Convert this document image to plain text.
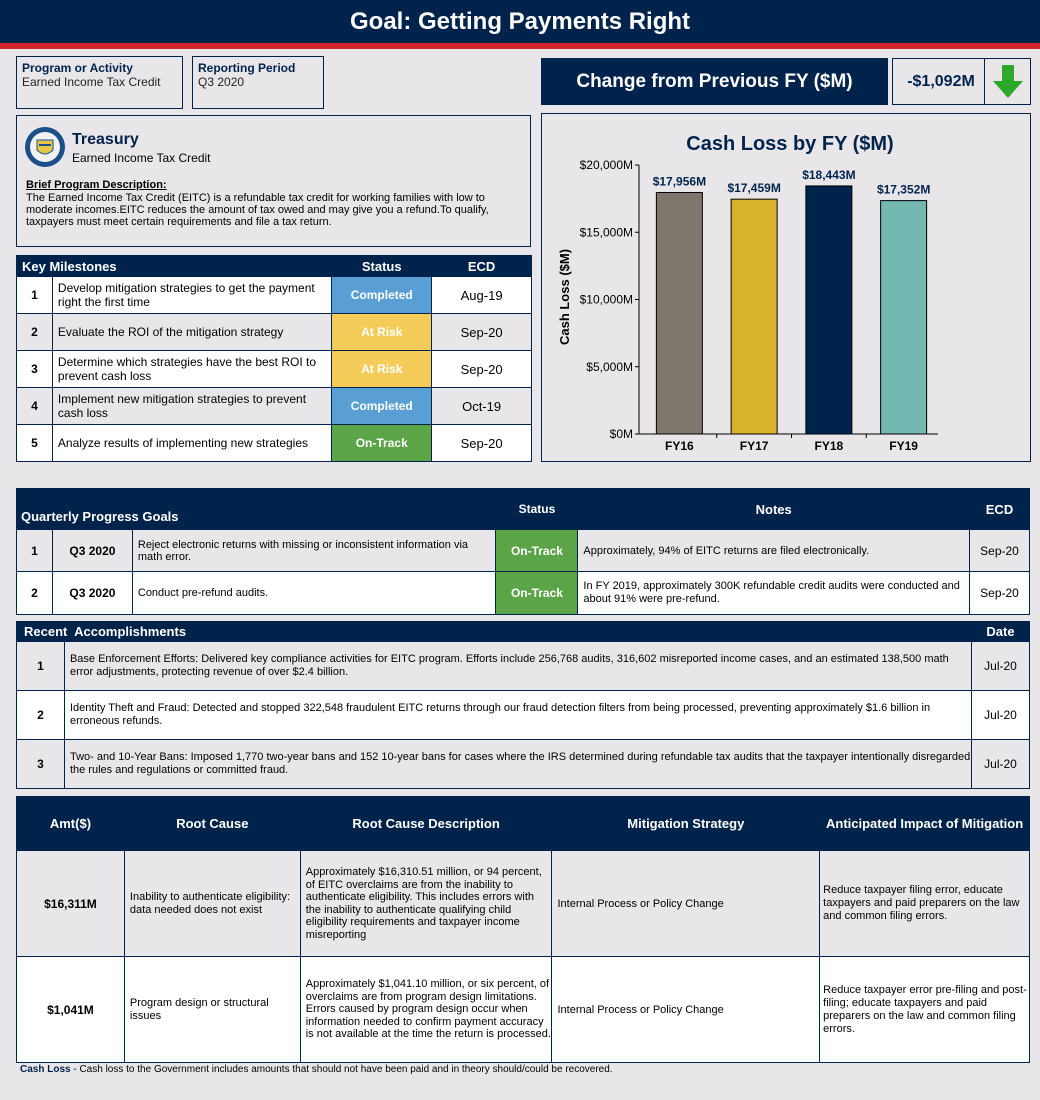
Goal: Getting Payments Right
Program or Activity
Earned Income Tax Credit
Reporting Period
Q3 2020	Change from Previous FY ($M)	-$1,092M
Treasury
Earned Income Tax Credit
Brief Program Description:
The Earned Income Tax Credit (EITC) is a refundable tax credit for working families with low to moderate incomes.EITC reduces the amount of tax owed and may give you a refund.To qualify, taxpayers must meet certain requirements and file a tax return.
Key Milestones		Status	ECD
1	Develop mitigation strategies to get the payment right the first time	Completed	Aug-19
2	Evaluate the ROI of the mitigation strategy	At Risk	Sep-20
3	Determine which strategies have the best ROI to prevent cash loss	At Risk	Sep-20
4	Implement new mitigation strategies to prevent cash loss	Completed	Oct-19
5	Analyze results of implementing new strategies	On-Track	Sep-20
Cash Loss by FY ($M)
Cash Loss ($M)
$0M
$5,000M
$10,000M
$15,000M
$20,000M
$17,956M
FY16
$17,459M
FY17
$18,443M
FY18
$17,352M
FY19
Quarterly Progress Goals			Status	Notes	ECD
1	Q3 2020	Reject electronic returns with missing or inconsistent information via math error.	On-Track	Approximately, 94% of EITC returns are filed electronically.	Sep-20
2	Q3 2020	Conduct pre-refund audits.	On-Track	In FY 2019, approximately 300K refundable credit audits were conducted and about 91% were pre-refund.	Sep-20
Recent  Accomplishments		Date
1	Base Enforcement Efforts: Delivered key compliance activities for EITC program. Efforts include 256,768 audits, 316,602 misreported income cases, and an estimated 138,500 math error adjustments, protecting revenue of over $2.4 billion.	Jul-20
2	Identity Theft and Fraud: Detected and stopped 322,548 fraudulent EITC returns through our fraud detection filters from being processed, preventing approximately $1.6 billion in erroneous refunds.	Jul-20
3	Two- and 10-Year Bans: Imposed 1,770 two-year bans and 152 10-year bans for cases where the IRS determined during refundable tax audits that the taxpayer intentionally disregarded the rules and regulations or committed fraud.	Jul-20
Amt($)	Root Cause	Root Cause Description	Mitigation Strategy	Anticipated Impact of Mitigation
$16,311M	Inability to authenticate eligibility: data needed does not exist	Approximately $16,310.51 million, or 94 percent, of EITC overclaims are from the inability to authenticate eligibility. This includes errors with the inability to authenticate qualifying child eligibility requirements and taxpayer income misreporting	Internal Process or Policy Change	Reduce taxpayer filing error, educate taxpayers and paid preparers on the law and common filing errors.
$1,041M	Program design or structural issues	Approximately $1,041.10 million, or six percent, of overclaims are from program design limitations. Errors caused by program design occur when information needed to confirm payment accuracy is not available at the time the return is processed.	Internal Process or Policy Change	Reduce taxpayer error pre-filing and post-filing; educate taxpayers and paid preparers on the law and common filing errors.
Cash Loss - Cash loss to the Government includes amounts that should not have been paid and in theory should/could be recovered.
